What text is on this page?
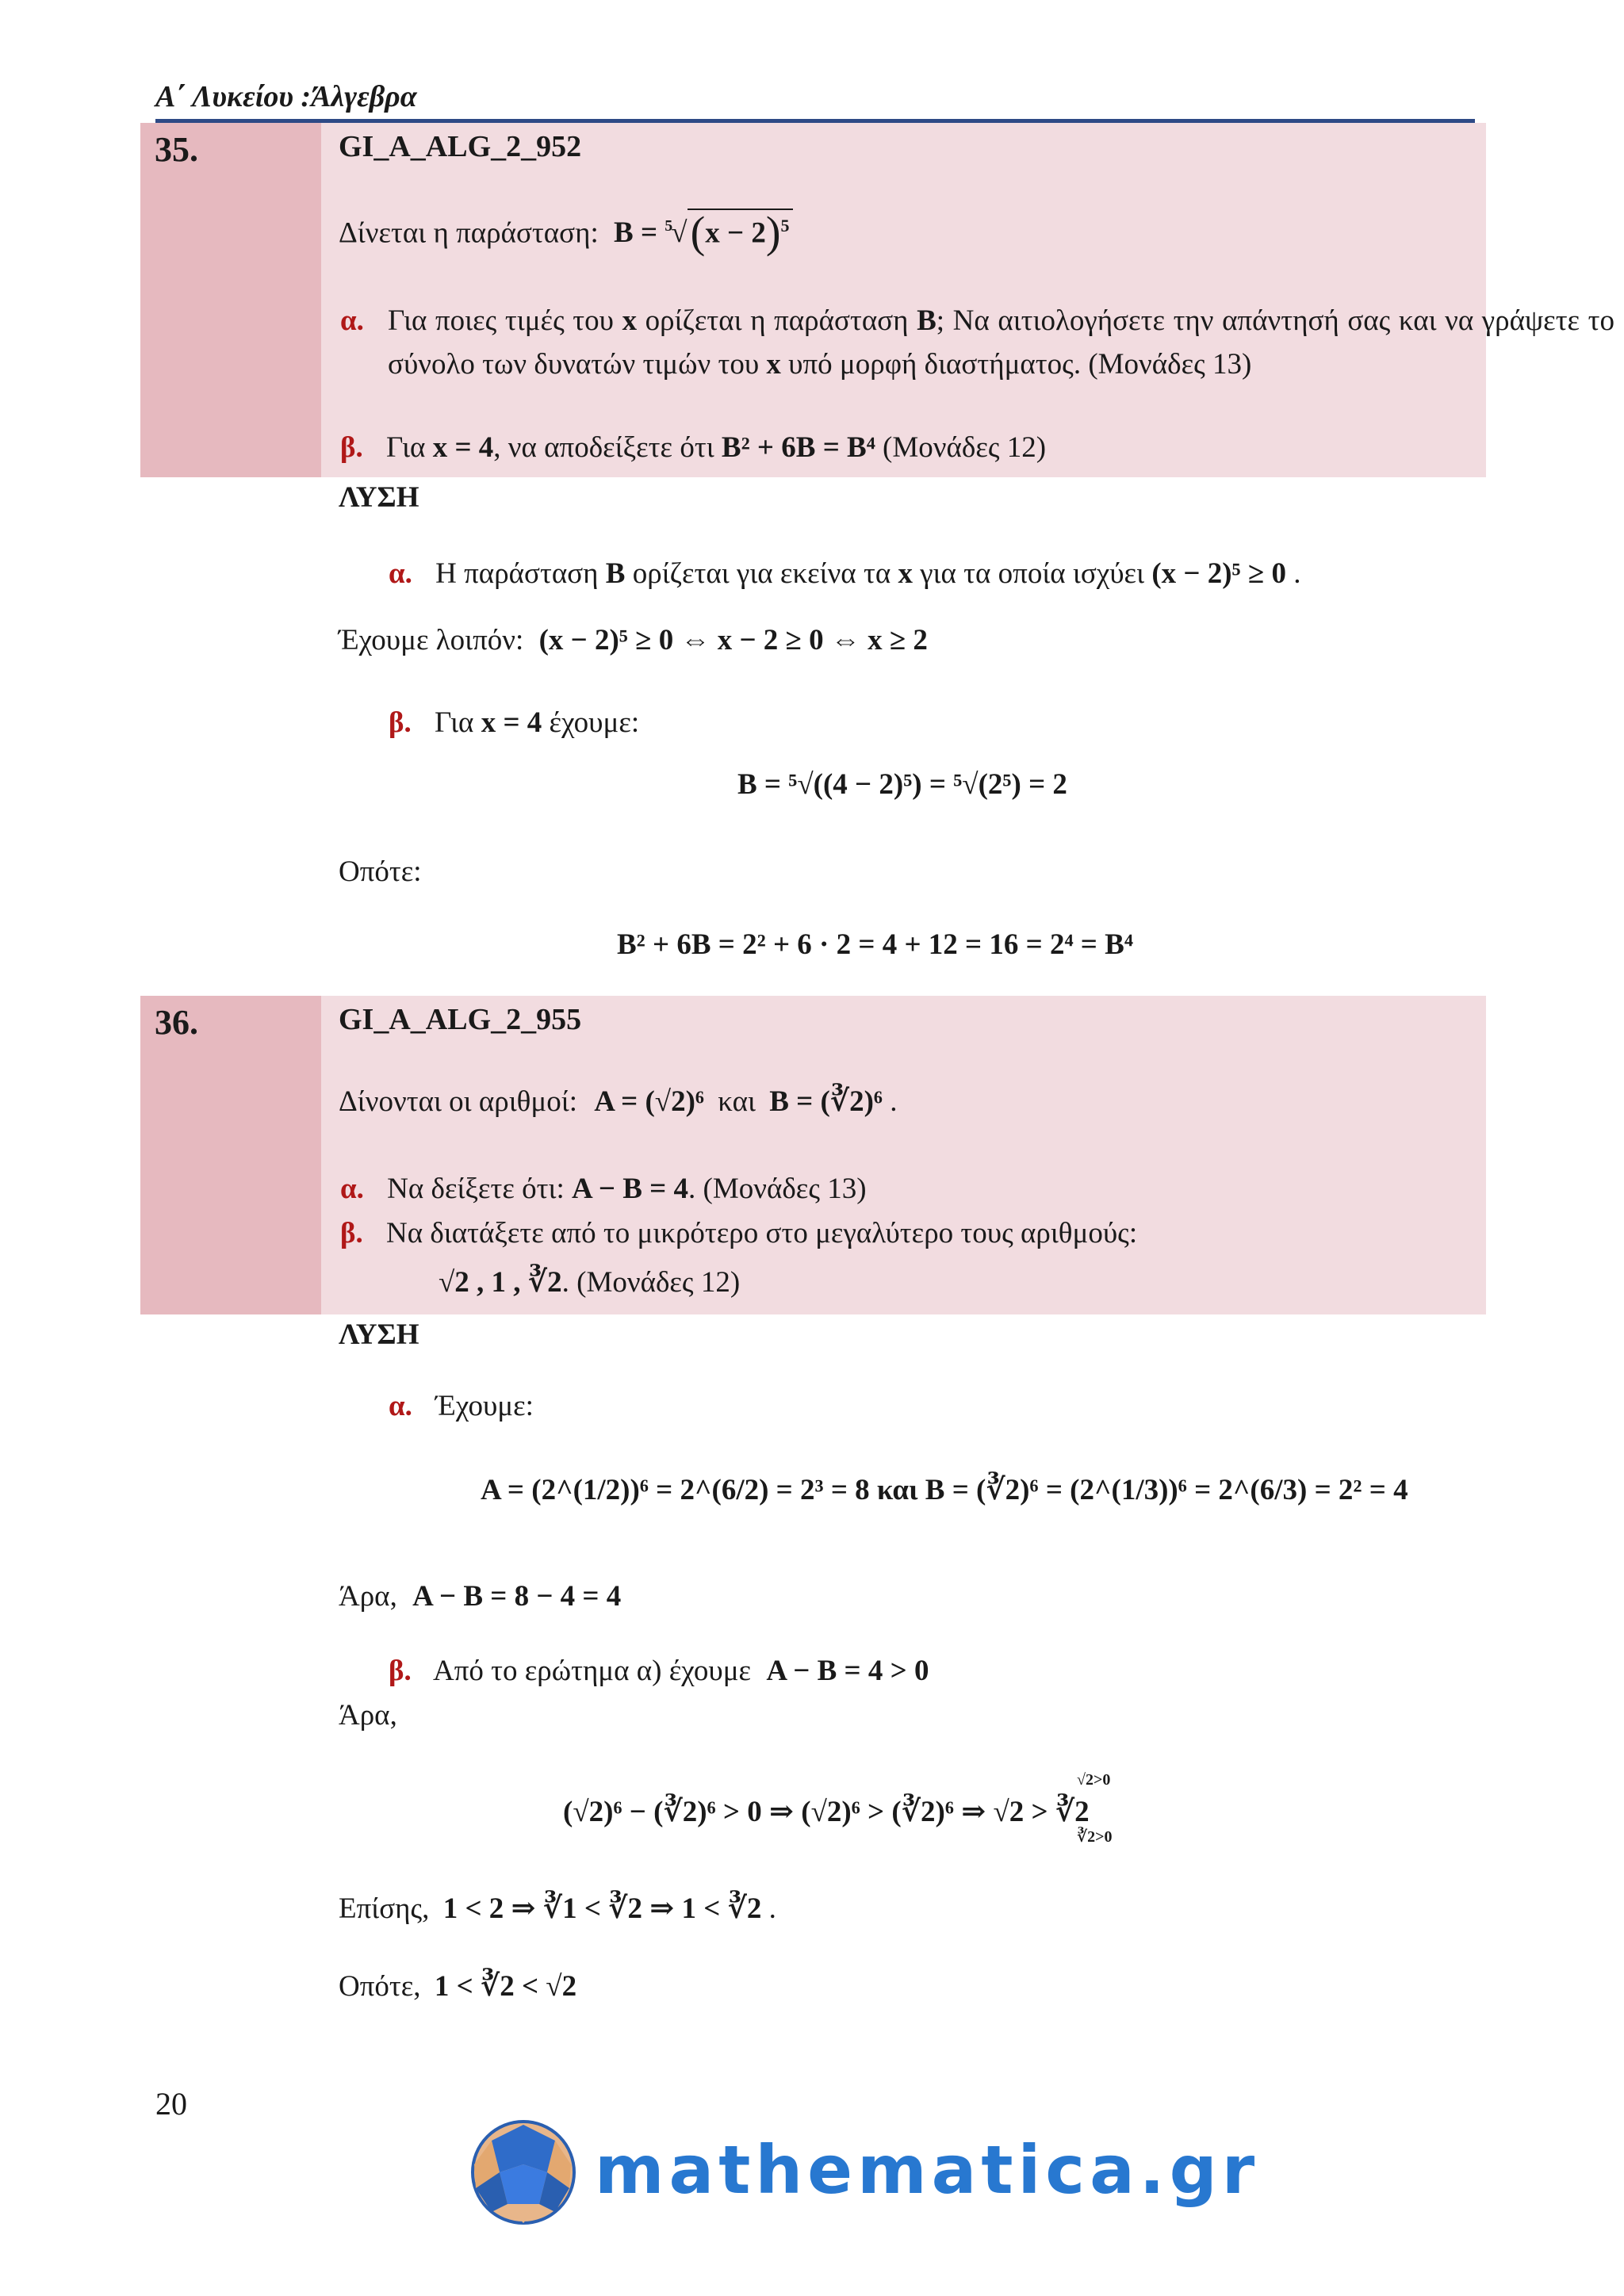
Α΄ Λυκείου :Άλγεβρα
35.	GI_A_ALG_2_952
Δίνεται η παράσταση: $B = ^5√(x - 2)^5$
α. Για ποιες τιμές του x ορίζεται η παράσταση B; Να αιτιολογήσετε την απάντησή σας και να γράψετε το σύνολο των δυνατών τιμών του x υπό μορφή διαστήματος. (Μονάδες 13)
β. Για x = 4, να αποδείξετε ότι B² + 6B = B⁴ (Μονάδες 12)
ΛΥΣΗ
α. Η παράσταση B ορίζεται για εκείνα τα x για τα οποία ισχύει (x − 2)⁵ ≥ 0 .
Έχουμε λοιπόν: (x − 2)⁵ ≥ 0 ⇔ x − 2 ≥ 0 ⇔ x ≥ 2
β. Για x = 4 έχουμε:
B = ⁵√((4 − 2)⁵) = ⁵√(2⁵) = 2
Οπότε:
B² + 6B = 2² + 6 · 2 = 4 + 12 = 16 = 2⁴ = B⁴
36.	GI_A_ALG_2_955
Δίνονται οι αριθμοί: A = (√2)⁶ και B = (∛2)⁶ .
α. Να δείξετε ότι: A − B = 4. (Μονάδες 13)
β. Να διατάξετε από το μικρότερο στο μεγαλύτερο τους αριθμούς:
√2 , 1 , ∛2. (Μονάδες 12)
ΛΥΣΗ
α. Έχουμε:
A = (2^(1/2))⁶ = 2^(6/2) = 2³ = 8 και B = (∛2)⁶ = (2^(1/3))⁶ = 2^(6/3) = 2² = 4
Άρα, A − B = 8 − 4 = 4
β. Από το ερώτημα α) έχουμε A − B = 4 > 0
Άρα,
(√2)⁶ − (∛2)⁶ > 0 ⇒ (√2)⁶ > (∛2)⁶ ⇒ √2 > ∛2
√2>0
∛2>0
Επίσης, 1 < 2 ⇒ ∛1 < ∛2 ⇒ 1 < ∛2 .
Οπότε, 1 < ∛2 < √2
20
mathematica.gr
